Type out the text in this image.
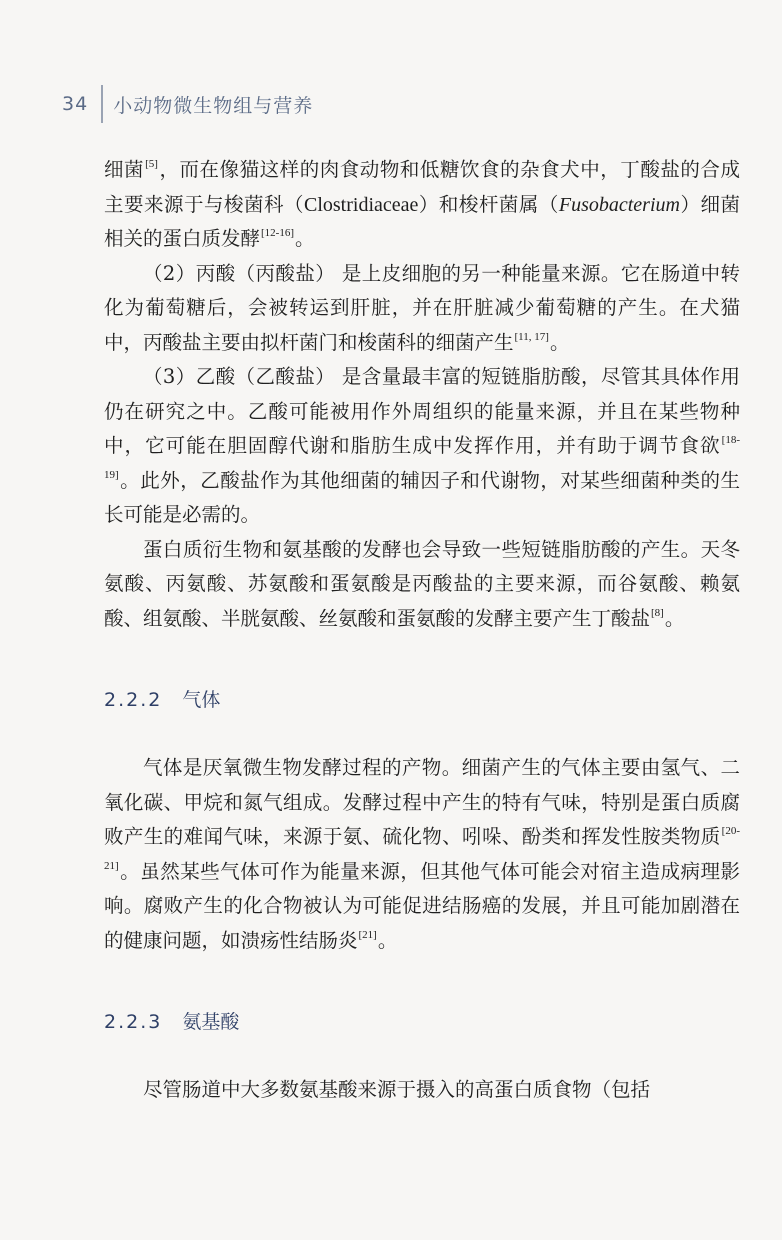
34 小动物微生物组与营养

细菌[5]，而在像猫这样的肉食动物和低糖饮食的杂食犬中，丁酸盐的合成主要来源于与梭菌科（Clostridiaceae）和梭杆菌属（Fusobacterium）细菌相关的蛋白质发酵[12-16]。

（2）丙酸（丙酸盐） 是上皮细胞的另一种能量来源。它在肠道中转化为葡萄糖后，会被转运到肝脏，并在肝脏减少葡萄糖的产生。在犬猫中，丙酸盐主要由拟杆菌门和梭菌科的细菌产生[11, 17]。

（3）乙酸（乙酸盐） 是含量最丰富的短链脂肪酸，尽管其具体作用仍在研究之中。乙酸可能被用作外周组织的能量来源，并且在某些物种中，它可能在胆固醇代谢和脂肪生成中发挥作用，并有助于调节食欲[18-19]。此外，乙酸盐作为其他细菌的辅因子和代谢物，对某些细菌种类的生长可能是必需的。

蛋白质衍生物和氨基酸的发酵也会导致一些短链脂肪酸的产生。天冬氨酸、丙氨酸、苏氨酸和蛋氨酸是丙酸盐的主要来源，而谷氨酸、赖氨酸、组氨酸、半胱氨酸、丝氨酸和蛋氨酸的发酵主要产生丁酸盐[8]。

2.2.2 气体

气体是厌氧微生物发酵过程的产物。细菌产生的气体主要由氢气、二氧化碳、甲烷和氮气组成。发酵过程中产生的特有气味，特别是蛋白质腐败产生的难闻气味，来源于氨、硫化物、吲哚、酚类和挥发性胺类物质[20-21]。虽然某些气体可作为能量来源，但其他气体可能会对宿主造成病理影响。腐败产生的化合物被认为可能促进结肠癌的发展，并且可能加剧潜在的健康问题，如溃疡性结肠炎[21]。

2.2.3 氨基酸

尽管肠道中大多数氨基酸来源于摄入的高蛋白质食物（包括
